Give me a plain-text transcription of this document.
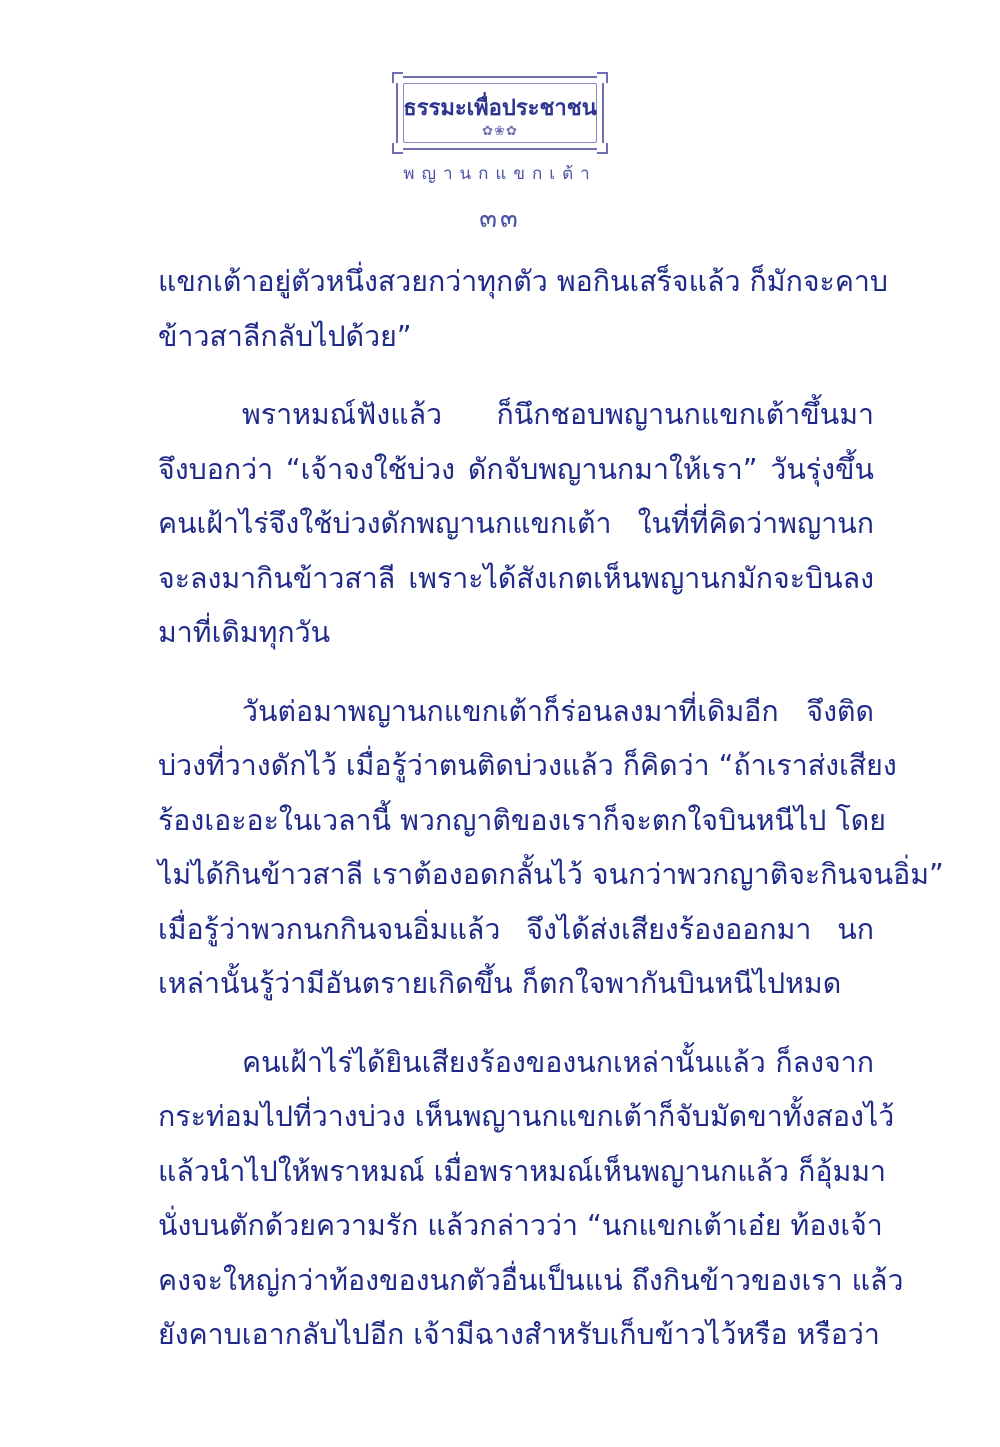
ธรรมะเพื่อประชาชน
✿❀✿
พญานกแขกเต้า
๓๓
แขกเต้าอยู่ตัวหนึ่งสวยกว่าทุกตัว พอกินเสร็จแล้ว ก็มักจะคาบ
ข้าวสาลีกลับไปด้วย”
พราหมณ์ฟังแล้ว ก็นึกชอบพญานกแขกเต้าขึ้นมา
จึงบอกว่า “เจ้าจงใช้บ่วง ดักจับพญานกมาให้เรา” วันรุ่งขึ้น
คนเฝ้าไร่จึงใช้บ่วงดักพญานกแขกเต้า ในที่ที่คิดว่าพญานก
จะลงมากินข้าวสาลี เพราะได้สังเกตเห็นพญานกมักจะบินลง
มาที่เดิมทุกวัน
วันต่อมาพญานกแขกเต้าก็ร่อนลงมาที่เดิมอีก จึงติด
บ่วงที่วางดักไว้ เมื่อรู้ว่าตนติดบ่วงแล้ว ก็คิดว่า “ถ้าเราส่งเสียง
ร้องเอะอะในเวลานี้ พวกญาติของเราก็จะตกใจบินหนีไป โดย
ไม่ได้กินข้าวสาลี เราต้องอดกลั้นไว้ จนกว่าพวกญาติจะกินจนอิ่ม”
เมื่อรู้ว่าพวกนกกินจนอิ่มแล้ว จึงได้ส่งเสียงร้องออกมา นก
เหล่านั้นรู้ว่ามีอันตรายเกิดขึ้น ก็ตกใจพากันบินหนีไปหมด
คนเฝ้าไร่ได้ยินเสียงร้องของนกเหล่านั้นแล้ว ก็ลงจาก
กระท่อมไปที่วางบ่วง เห็นพญานกแขกเต้าก็จับมัดขาทั้งสองไว้
แล้วนำไปให้พราหมณ์ เมื่อพราหมณ์เห็นพญานกแล้ว ก็อุ้มมา
นั่งบนตักด้วยความรัก แล้วกล่าวว่า “นกแขกเต้าเอ๋ย ท้องเจ้า
คงจะใหญ่กว่าท้องของนกตัวอื่นเป็นแน่ ถึงกินข้าวของเรา แล้ว
ยังคาบเอากลับไปอีก เจ้ามีฉางสำหรับเก็บข้าวไว้หรือ หรือว่า
